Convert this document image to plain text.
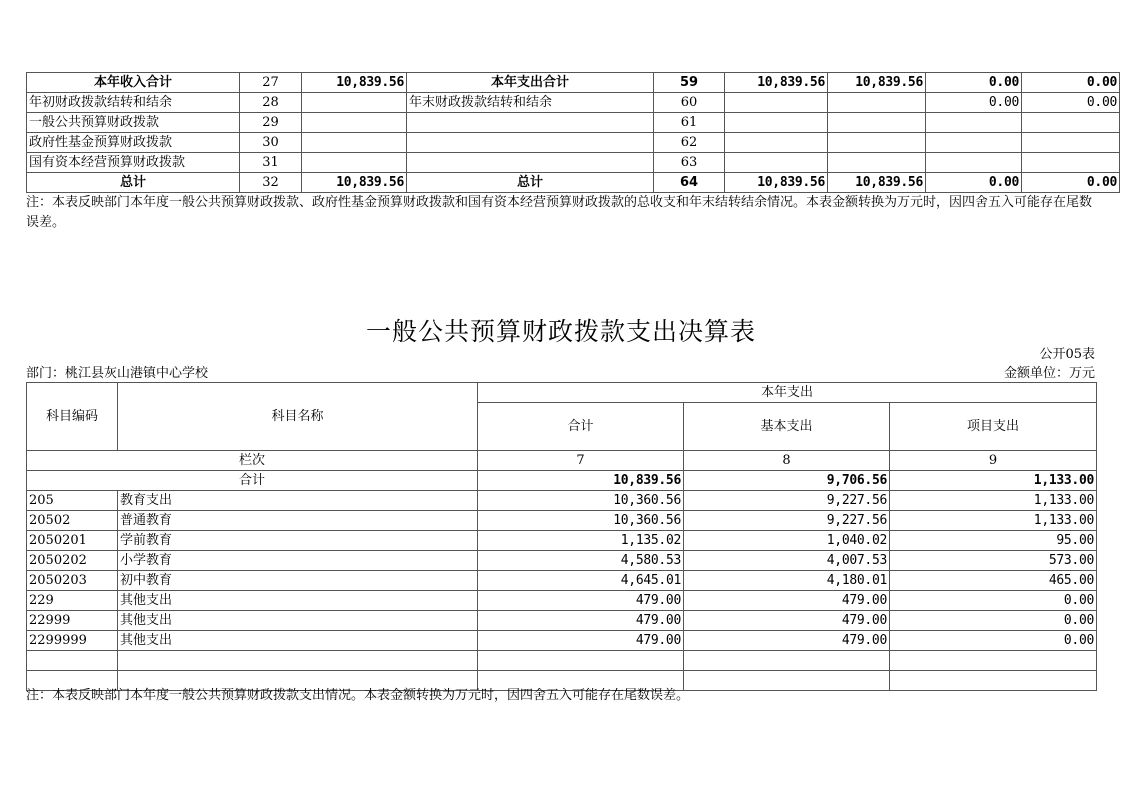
本年收入合计	27	10,839.56	本年支出合计	59	10,839.56	10,839.56	0.00	0.00
年初财政拨款结转和结余	28		年末财政拨款结转和结余	60			0.00	0.00
一般公共预算财政拨款	29			61				
政府性基金预算财政拨款	30			62				
国有资本经营预算财政拨款	31			63				
总计	32	10,839.56	总计	64	10,839.56	10,839.56	0.00	0.00
注：本表反映部门本年度一般公共预算财政拨款、政府性基金预算财政拨款和国有资本经营预算财政拨款的总收支和年末结转结余情况。本表金额转换为万元时，因四舍五入可能存在尾数误差。
一般公共预算财政拨款支出决算表
公开05表
部门：桃江县灰山港镇中心学校	金额单位：万元
科目编码	科目名称	本年支出		
		合计	基本支出	项目支出
栏次		7	8	9
合计		10,839.56	9,706.56	1,133.00
205	教育支出	10,360.56	9,227.56	1,133.00
20502	普通教育	10,360.56	9,227.56	1,133.00
2050201	学前教育	1,135.02	1,040.02	95.00
2050202	小学教育	4,580.53	4,007.53	573.00
2050203	初中教育	4,645.01	4,180.01	465.00
229	其他支出	479.00	479.00	0.00
22999	其他支出	479.00	479.00	0.00
2299999	其他支出	479.00	479.00	0.00

注：本表反映部门本年度一般公共预算财政拨款支出情况。本表金额转换为万元时，因四舍五入可能存在尾数误差。
